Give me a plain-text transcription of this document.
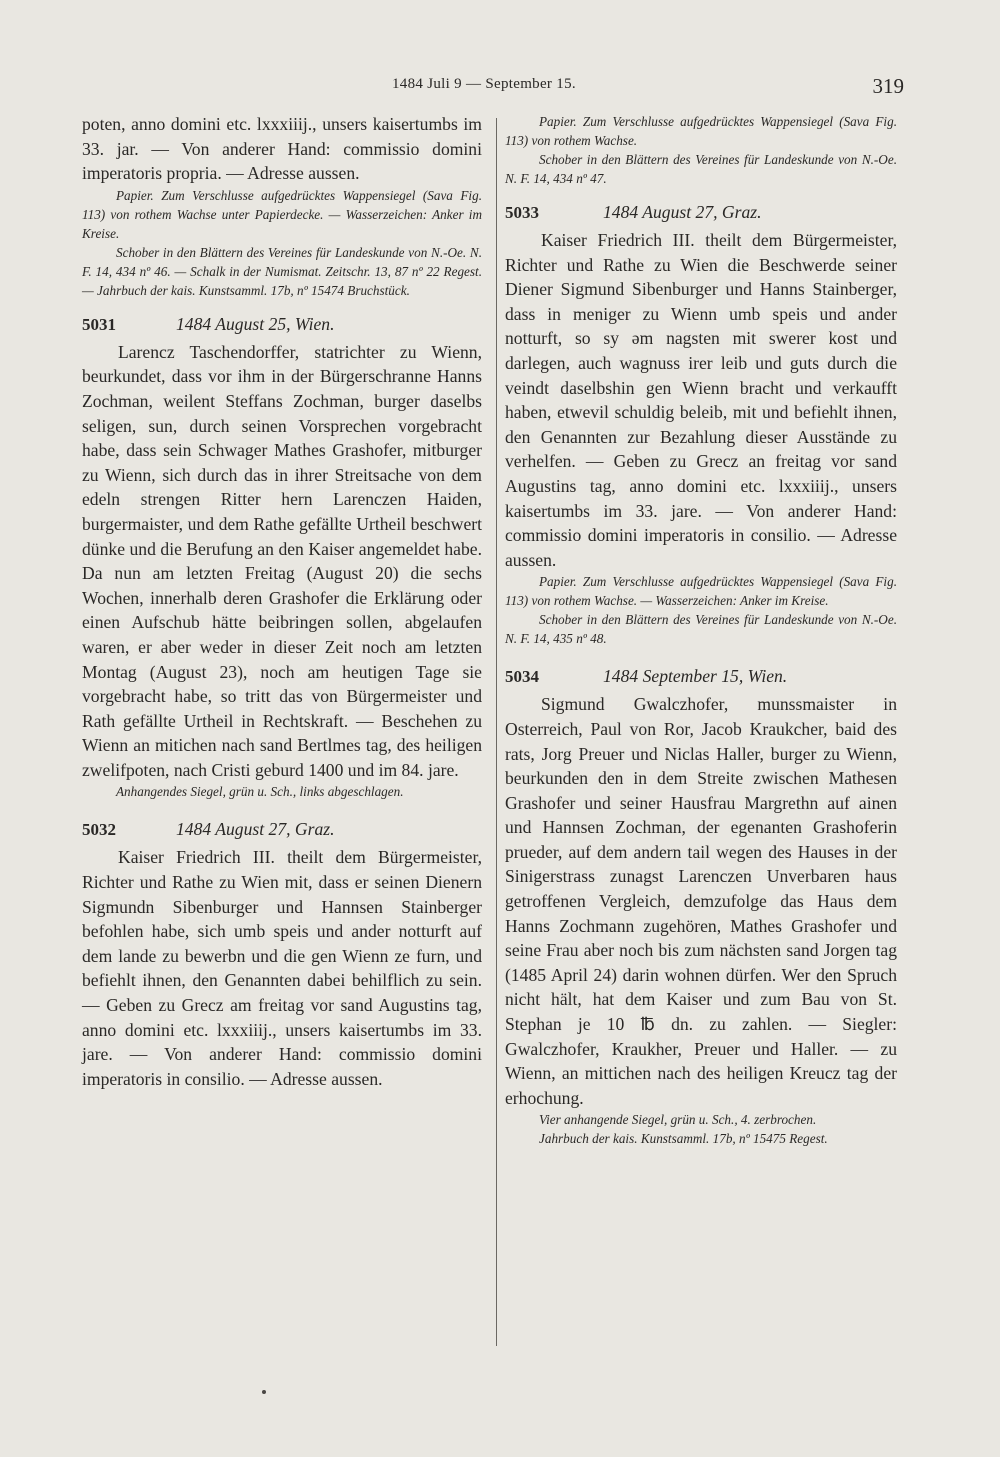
1484 Juli 9 — September 15.	319

poten, anno domini etc. lxxxiiij., unsers kaisertumbs im 33. jar. — Von anderer Hand: commissio domini imperatoris propria. — Adresse aussen.

Papier. Zum Verschlusse aufgedrücktes Wappensiegel (Sava Fig. 113) von rothem Wachse unter Papierdecke. — Wasserzeichen: Anker im Kreise.

Schober in den Blättern des Vereines für Landeskunde von N.-Oe. N. F. 14, 434 nº 46. — Schalk in der Numismat. Zeitschr. 13, 87 nº 22 Regest. — Jahrbuch der kais. Kunstsamml. 17b, nº 15474 Bruchstück.

5031	1484 August 25, Wien.

Larencz Taschendorffer, statrichter zu Wienn, beurkundet, dass vor ihm in der Bürgerschranne Hanns Zochman, weilent Steffans Zochman, burger daselbs seligen, sun, durch seinen Vorsprechen vorgebracht habe, dass sein Schwager Mathes Grashofer, mitburger zu Wienn, sich durch das in ihrer Streitsache von dem edeln strengen Ritter hern Larenczen Haiden, burgermaister, und dem Rathe gefällte Urtheil beschwert dünke und die Berufung an den Kaiser angemeldet habe. Da nun am letzten Freitag (August 20) die sechs Wochen, innerhalb deren Grashofer die Erklärung oder einen Aufschub hätte beibringen sollen, abgelaufen waren, er aber weder in dieser Zeit noch am letzten Montag (August 23), noch am heutigen Tage sie vorgebracht habe, so tritt das von Bürgermeister und Rath gefällte Urtheil in Rechtskraft. — Beschehen zu Wienn an mitichen nach sand Bertlmes tag, des heiligen zwelifpoten, nach Cristi geburd 1400 und im 84. jare.

Anhangendes Siegel, grün u. Sch., links abgeschlagen.

5032	1484 August 27, Graz.

Kaiser Friedrich III. theilt dem Bürgermeister, Richter und Rathe zu Wien mit, dass er seinen Dienern Sigmundn Sibenburger und Hannsen Stainberger befohlen habe, sich umb speis und ander notturft auf dem lande zu bewerbn und die gen Wienn ze furn, und befiehlt ihnen, den Genannten dabei behilflich zu sein. — Geben zu Grecz am freitag vor sand Augustins tag, anno domini etc. lxxxiiij., unsers kaisertumbs im 33. jare. — Von anderer Hand: commissio domini imperatoris in consilio. — Adresse aussen.

Papier. Zum Verschlusse aufgedrücktes Wappensiegel (Sava Fig. 113) von rothem Wachse.

Schober in den Blättern des Vereines für Landeskunde von N.-Oe. N. F. 14, 434 nº 47.

5033	1484 August 27, Graz.

Kaiser Friedrich III. theilt dem Bürgermeister, Richter und Rathe zu Wien die Beschwerde seiner Diener Sigmund Sibenburger und Hanns Stainberger, dass in meniger zu Wienn umb speis und ander notturft, so sy əm nagsten mit swerer kost und darlegen, auch wagnuss irer leib und guts durch die veindt daselbshin gen Wienn bracht und verkaufft haben, etwevil schuldig beleib, mit und befiehlt ihnen, den Genannten zur Bezahlung dieser Ausstände zu verhelfen. — Geben zu Grecz an freitag vor sand Augustins tag, anno domini etc. lxxxiiij., unsers kaisertumbs im 33. jare. — Von anderer Hand: commissio domini imperatoris in consilio. — Adresse aussen.

Papier. Zum Verschlusse aufgedrücktes Wappensiegel (Sava Fig. 113) von rothem Wachse. — Wasserzeichen: Anker im Kreise.

Schober in den Blättern des Vereines für Landeskunde von N.-Oe. N. F. 14, 435 nº 48.

5034	1484 September 15, Wien.

Sigmund Gwalczhofer, munssmaister in Osterreich, Paul von Ror, Jacob Kraukcher, baid des rats, Jorg Preuer und Niclas Haller, burger zu Wienn, beurkunden den in dem Streite zwischen Mathesen Grashofer und seiner Hausfrau Margrethn auf ainen und Hannsen Zochman, der egenanten Grashoferin prueder, auf dem andern tail wegen des Hauses in der Sinigerstrass zunagst Larenczen Unverbaren haus getroffenen Vergleich, demzufolge das Haus dem Hanns Zochmann zugehören, Mathes Grashofer und seine Frau aber noch bis zum nächsten sand Jorgen tag (1485 April 24) darin wohnen dürfen. Wer den Spruch nicht hält, hat dem Kaiser und zum Bau von St. Stephan je 10 ℔ dn. zu zahlen. — Siegler: Gwalczhofer, Kraukher, Preuer und Haller. — zu Wienn, an mittichen nach des heiligen Kreucz tag der erhochung.

Vier anhangende Siegel, grün u. Sch., 4. zerbrochen.

Jahrbuch der kais. Kunstsamml. 17b, nº 15475 Regest.
